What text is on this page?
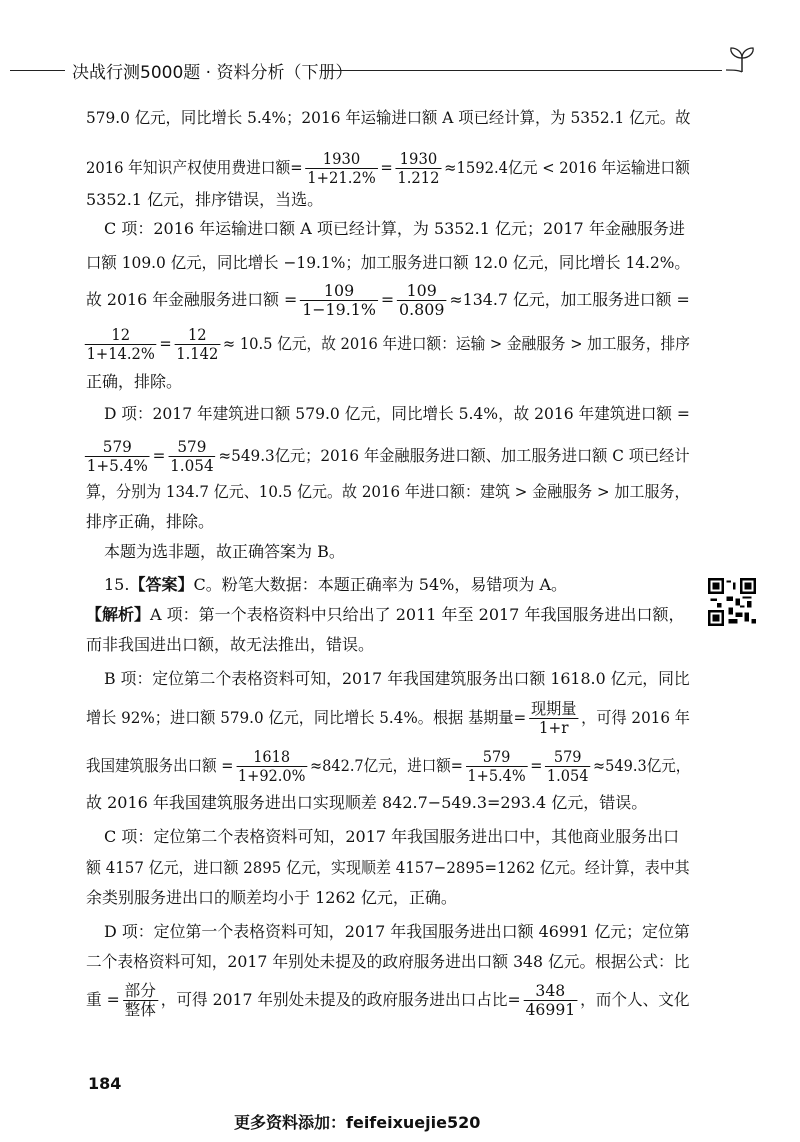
决战行测5000题 · 资料分析（下册）
579.0 亿元，同比增长 5.4%；2016 年运输进口额 A 项已经计算，为 5352.1 亿元。故
2016 年知识产权使用费进口额= $\frac{1930}{1+21.2\%} = \frac{1930}{1.212} \approx 1592.4$亿元 < 2016 年运输进口额
5352.1 亿元，排序错误，当选。
C 项：2016 年运输进口额 A 项已经计算，为 5352.1 亿元；2017 年金融服务进
口额 109.0 亿元，同比增长 −19.1%；加工服务进口额 12.0 亿元，同比增长 14.2%。
故 2016 年金融服务进口额 = $\frac{109}{1-19.1\%} = \frac{109}{0.809} \approx 134.7$ 亿元，加工服务进口额 =
$\frac{12}{1+14.2\%} = \frac{12}{1.142} \approx 10.5$ 亿元，故 2016 年进口额：运输 > 金融服务 > 加工服务，排序
正确，排除。
D 项：2017 年建筑进口额 579.0 亿元，同比增长 5.4%，故 2016 年建筑进口额 =
$\frac{579}{1+5.4\%} = \frac{579}{1.054} \approx 549.3$亿元；2016 年金融服务进口额、加工服务进口额 C 项已经计
算，分别为 134.7 亿元、10.5 亿元。故 2016 年进口额：建筑 > 金融服务 > 加工服务，
排序正确，排除。
本题为选非题，故正确答案为 B。
15.【答案】C。粉笔大数据：本题正确率为 54%，易错项为 A。
【解析】A 项：第一个表格资料中只给出了 2011 年至 2017 年我国服务进出口额，
而非我国进出口额，故无法推出，错误。
B 项：定位第二个表格资料可知，2017 年我国建筑服务出口额 1618.0 亿元，同比
增长 92%；进口额 579.0 亿元，同比增长 5.4%。根据 基期量= $\frac{\text{现期量}}{1+r}$ ，可得 2016 年
我国建筑服务出口额 = $\frac{1618}{1+92.0\%} \approx 842.7$亿元，进口额= $\frac{579}{1+5.4\%} = \frac{579}{1.054} \approx 549.3$亿元，
故 2016 年我国建筑服务进出口实现顺差 842.7−549.3=293.4 亿元，错误。
C 项：定位第二个表格资料可知，2017 年我国服务进出口中，其他商业服务出口
额 4157 亿元，进口额 2895 亿元，实现顺差 4157−2895=1262 亿元。经计算，表中其
余类别服务进出口的顺差均小于 1262 亿元，正确。
D 项：定位第一个表格资料可知，2017 年我国服务进出口额 46991 亿元；定位第
二个表格资料可知，2017 年别处未提及的政府服务进出口额 348 亿元。根据公式：比
重 = $\frac{\text{部分}}{\text{整体}}$ ，可得 2017 年别处未提及的政府服务进出口占比= $\frac{348}{46991}$ ，而个人、文化
184
更多资料添加：feifeixuejie520
